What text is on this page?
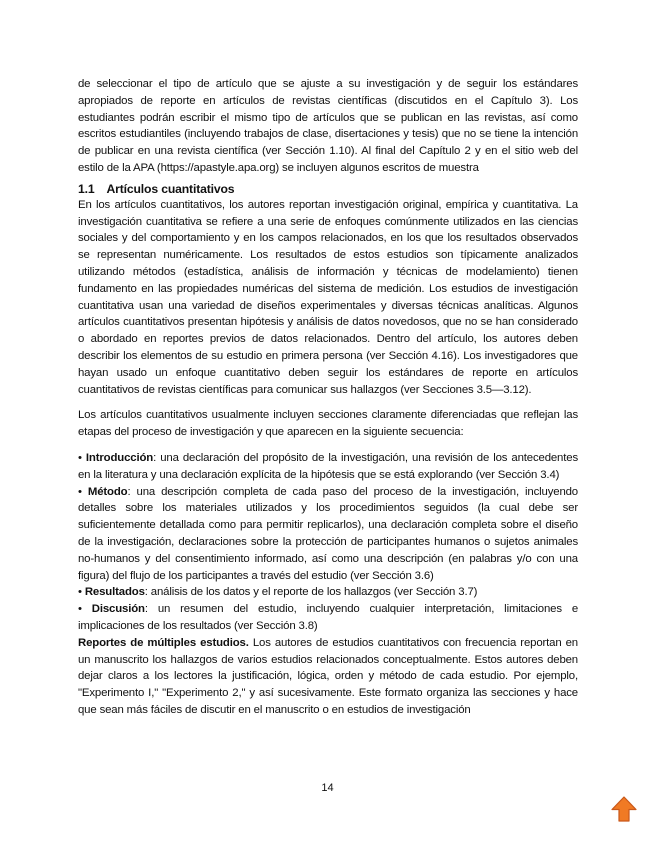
de seleccionar el tipo de artículo que se ajuste a su investigación y de seguir los estándares apropiados de reporte en artículos de revistas científicas (discutidos en el Capítulo 3). Los estudiantes podrán escribir el mismo tipo de artículos que se publican en las revistas, así como escritos estudiantiles (incluyendo trabajos de clase, disertaciones y tesis) que no se tiene la intención de publicar en una revista científica (ver Sección 1.10). Al final del Capítulo 2 y en el sitio web del estilo de la APA (https://apastyle.apa.org) se incluyen algunos escritos de muestra

1.1 Artículos cuantitativos

En los artículos cuantitativos, los autores reportan investigación original, empírica y cuantitativa. La investigación cuantitativa se refiere a una serie de enfoques comúnmente utilizados en las ciencias sociales y del comportamiento y en los campos relacionados, en los que los resultados observados se representan numéricamente. Los resultados de estos estudios son típicamente analizados utilizando métodos (estadística, análisis de información y técnicas de modelamiento) tienen fundamento en las propiedades numéricas del sistema de medición. Los estudios de investigación cuantitativa usan una variedad de diseños experimentales y diversas técnicas analíticas. Algunos artículos cuantitativos presentan hipótesis y análisis de datos novedosos, que no se han considerado o abordado en reportes previos de datos relacionados. Dentro del artículo, los autores deben describir los elementos de su estudio en primera persona (ver Sección 4.16). Los investigadores que hayan usado un enfoque cuantitativo deben seguir los estándares de reporte en artículos cuantitativos de revistas científicas para comunicar sus hallazgos (ver Secciones 3.5—3.12).

Los artículos cuantitativos usualmente incluyen secciones claramente diferenciadas que reflejan las etapas del proceso de investigación y que aparecen en la siguiente secuencia:

• Introducción: una declaración del propósito de la investigación, una revisión de los antecedentes en la literatura y una declaración explícita de la hipótesis que se está explorando (ver Sección 3.4)

• Método: una descripción completa de cada paso del proceso de la investigación, incluyendo detalles sobre los materiales utilizados y los procedimientos seguidos (la cual debe ser suficientemente detallada como para permitir replicarlos), una declaración completa sobre el diseño de la investigación, declaraciones sobre la protección de participantes humanos o sujetos animales no-humanos y del consentimiento informado, así como una descripción (en palabras y/o con una figura) del flujo de los participantes a través del estudio (ver Sección 3.6)

• Resultados: análisis de los datos y el reporte de los hallazgos (ver Sección 3.7)

• Discusión: un resumen del estudio, incluyendo cualquier interpretación, limitaciones e implicaciones de los resultados (ver Sección 3.8)

Reportes de múltiples estudios. Los autores de estudios cuantitativos con frecuencia reportan en un manuscrito los hallazgos de varios estudios relacionados conceptualmente. Estos autores deben dejar claros a los lectores la justificación, lógica, orden y método de cada estudio. Por ejemplo, "Experimento I," "Experimento 2," y así sucesivamente. Este formato organiza las secciones y hace que sean más fáciles de discutir en el manuscrito o en estudios de investigación

14
